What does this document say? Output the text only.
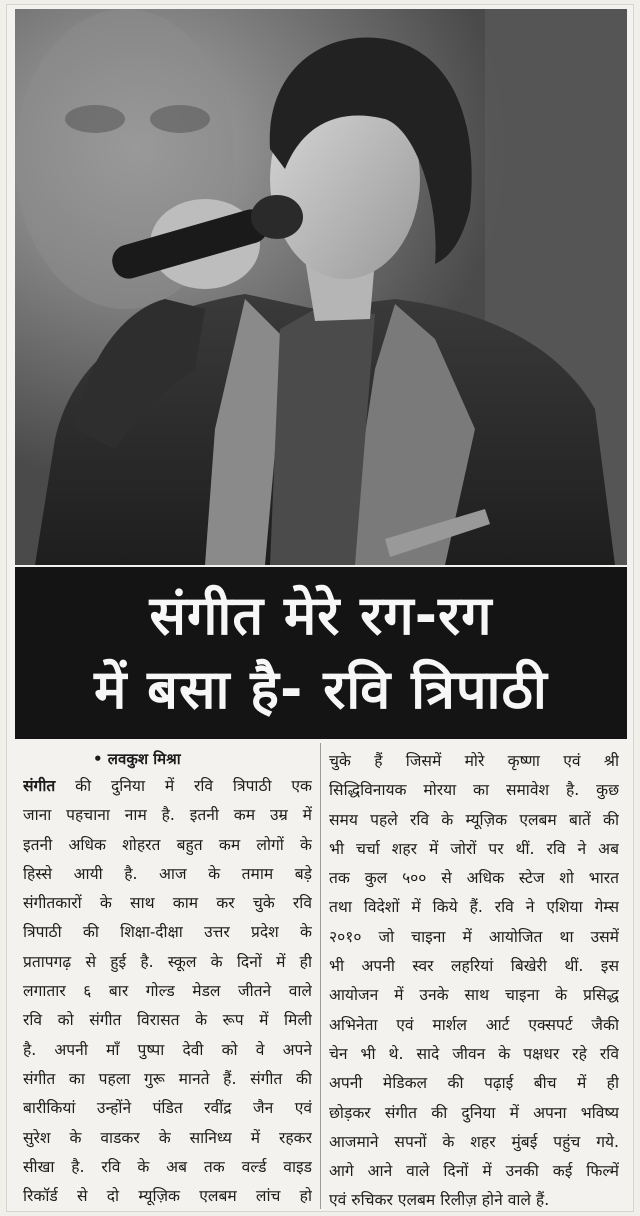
संगीत मेरे रग-रग
में बसा है- रवि त्रिपाठी
• लवकुश मिश्रा
संगीत की दुनिया में रवि त्रिपाठी एक
जाना पहचाना नाम है. इतनी कम उम्र में
इतनी अधिक शोहरत बहुत कम लोगों के
हिस्से आयी है. आज के तमाम बड़े
संगीतकारों के साथ काम कर चुके रवि
त्रिपाठी की शिक्षा-दीक्षा उत्तर प्रदेश के
प्रतापगढ़ से हुई है. स्कूल के दिनों में ही
लगातार ६ बार गोल्ड मेडल जीतने वाले
रवि को संगीत विरासत के रूप में मिली
है. अपनी माँ पुष्पा देवी को वे अपने
संगीत का पहला गुरू मानते हैं. संगीत की
बारीकियां उन्होंने पंडित रवींद्र जैन एवं
सुरेश के वाडकर के सानिध्य में रहकर
सीखा है. रवि के अब तक वर्ल्ड वाइड
रिकॉर्ड से दो म्यूज़िक एलबम लांच हो
चुके हैं जिसमें मोरे कृष्णा एवं श्री
सिद्धिविनायक मोरया का समावेश है. कुछ
समय पहले रवि के म्यूज़िक एलबम बातें की
भी चर्चा शहर में जोरों पर थीं. रवि ने अब
तक कुल ५०० से अधिक स्टेज शो भारत
तथा विदेशों में किये हैं. रवि ने एशिया गेम्स
२०१० जो चाइना में आयोजित था उसमें
भी अपनी स्वर लहरियां बिखेरी थीं. इस
आयोजन में उनके साथ चाइना के प्रसिद्ध
अभिनेता एवं मार्शल आर्ट एक्सपर्ट जैकी
चेन भी थे. सादे जीवन के पक्षधर रहे रवि
अपनी मेडिकल की पढ़ाई बीच में ही
छोड़कर संगीत की दुनिया में अपना भविष्य
आजमाने सपनों के शहर मुंबई पहुंच गये.
आगे आने वाले दिनों में उनकी कई फिल्में
एवं रुचिकर एलबम रिलीज़ होने वाले हैं.
